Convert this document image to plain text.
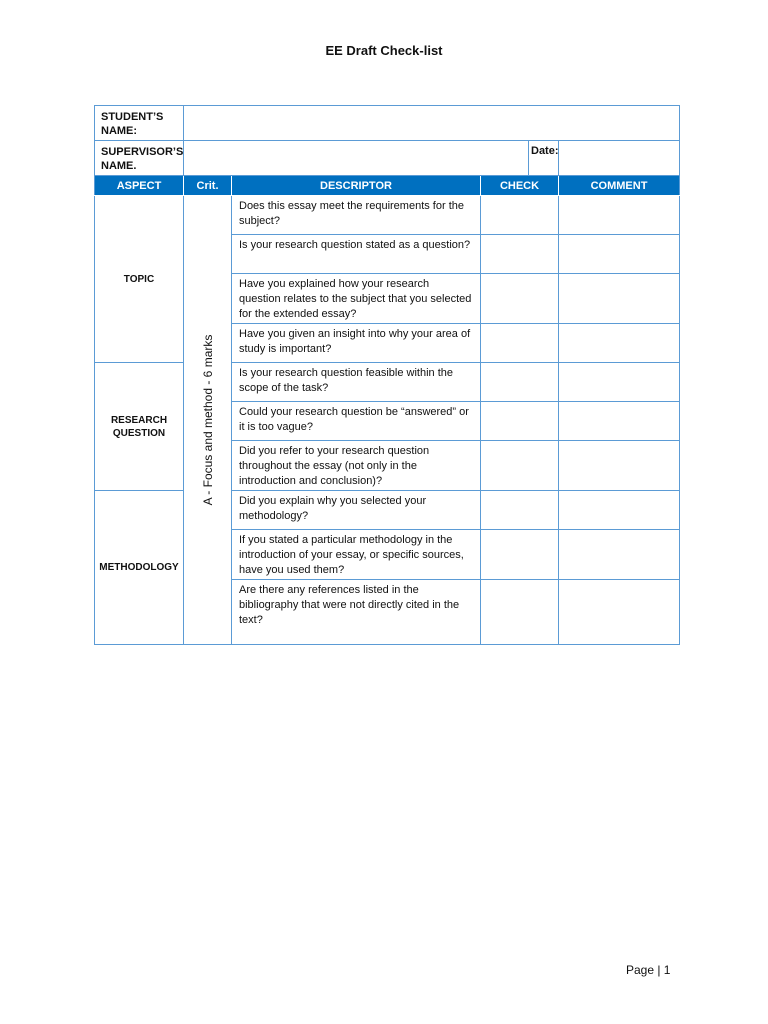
EE Draft Check-list
STUDENT’S NAME:					
SUPERVISOR’S NAME.				Date:	
ASPECT	Crit.	DESCRIPTOR	CHECK		COMMENT
TOPIC	A - Focus and method - 6 marks	Does this essay meet the requirements for the subject?			
		Is your research question stated as a question?			
		Have you explained how your research question relates to the subject that you selected for the extended essay?			
		Have you given an insight into why your area of study is important?			
RESEARCH QUESTION		Is your research question feasible within the scope of the task?			
		Could your research question be “answered” or it is too vague?			
		Did you refer to your research question throughout the essay (not only in the introduction and conclusion)?			
METHODOLOGY		Did you explain why you selected your methodology?			
		If you stated a particular methodology in the introduction of your essay, or specific sources, have you used them?			
		Are there any references listed in the bibliography that were not directly cited in the text?			
Page | 1
